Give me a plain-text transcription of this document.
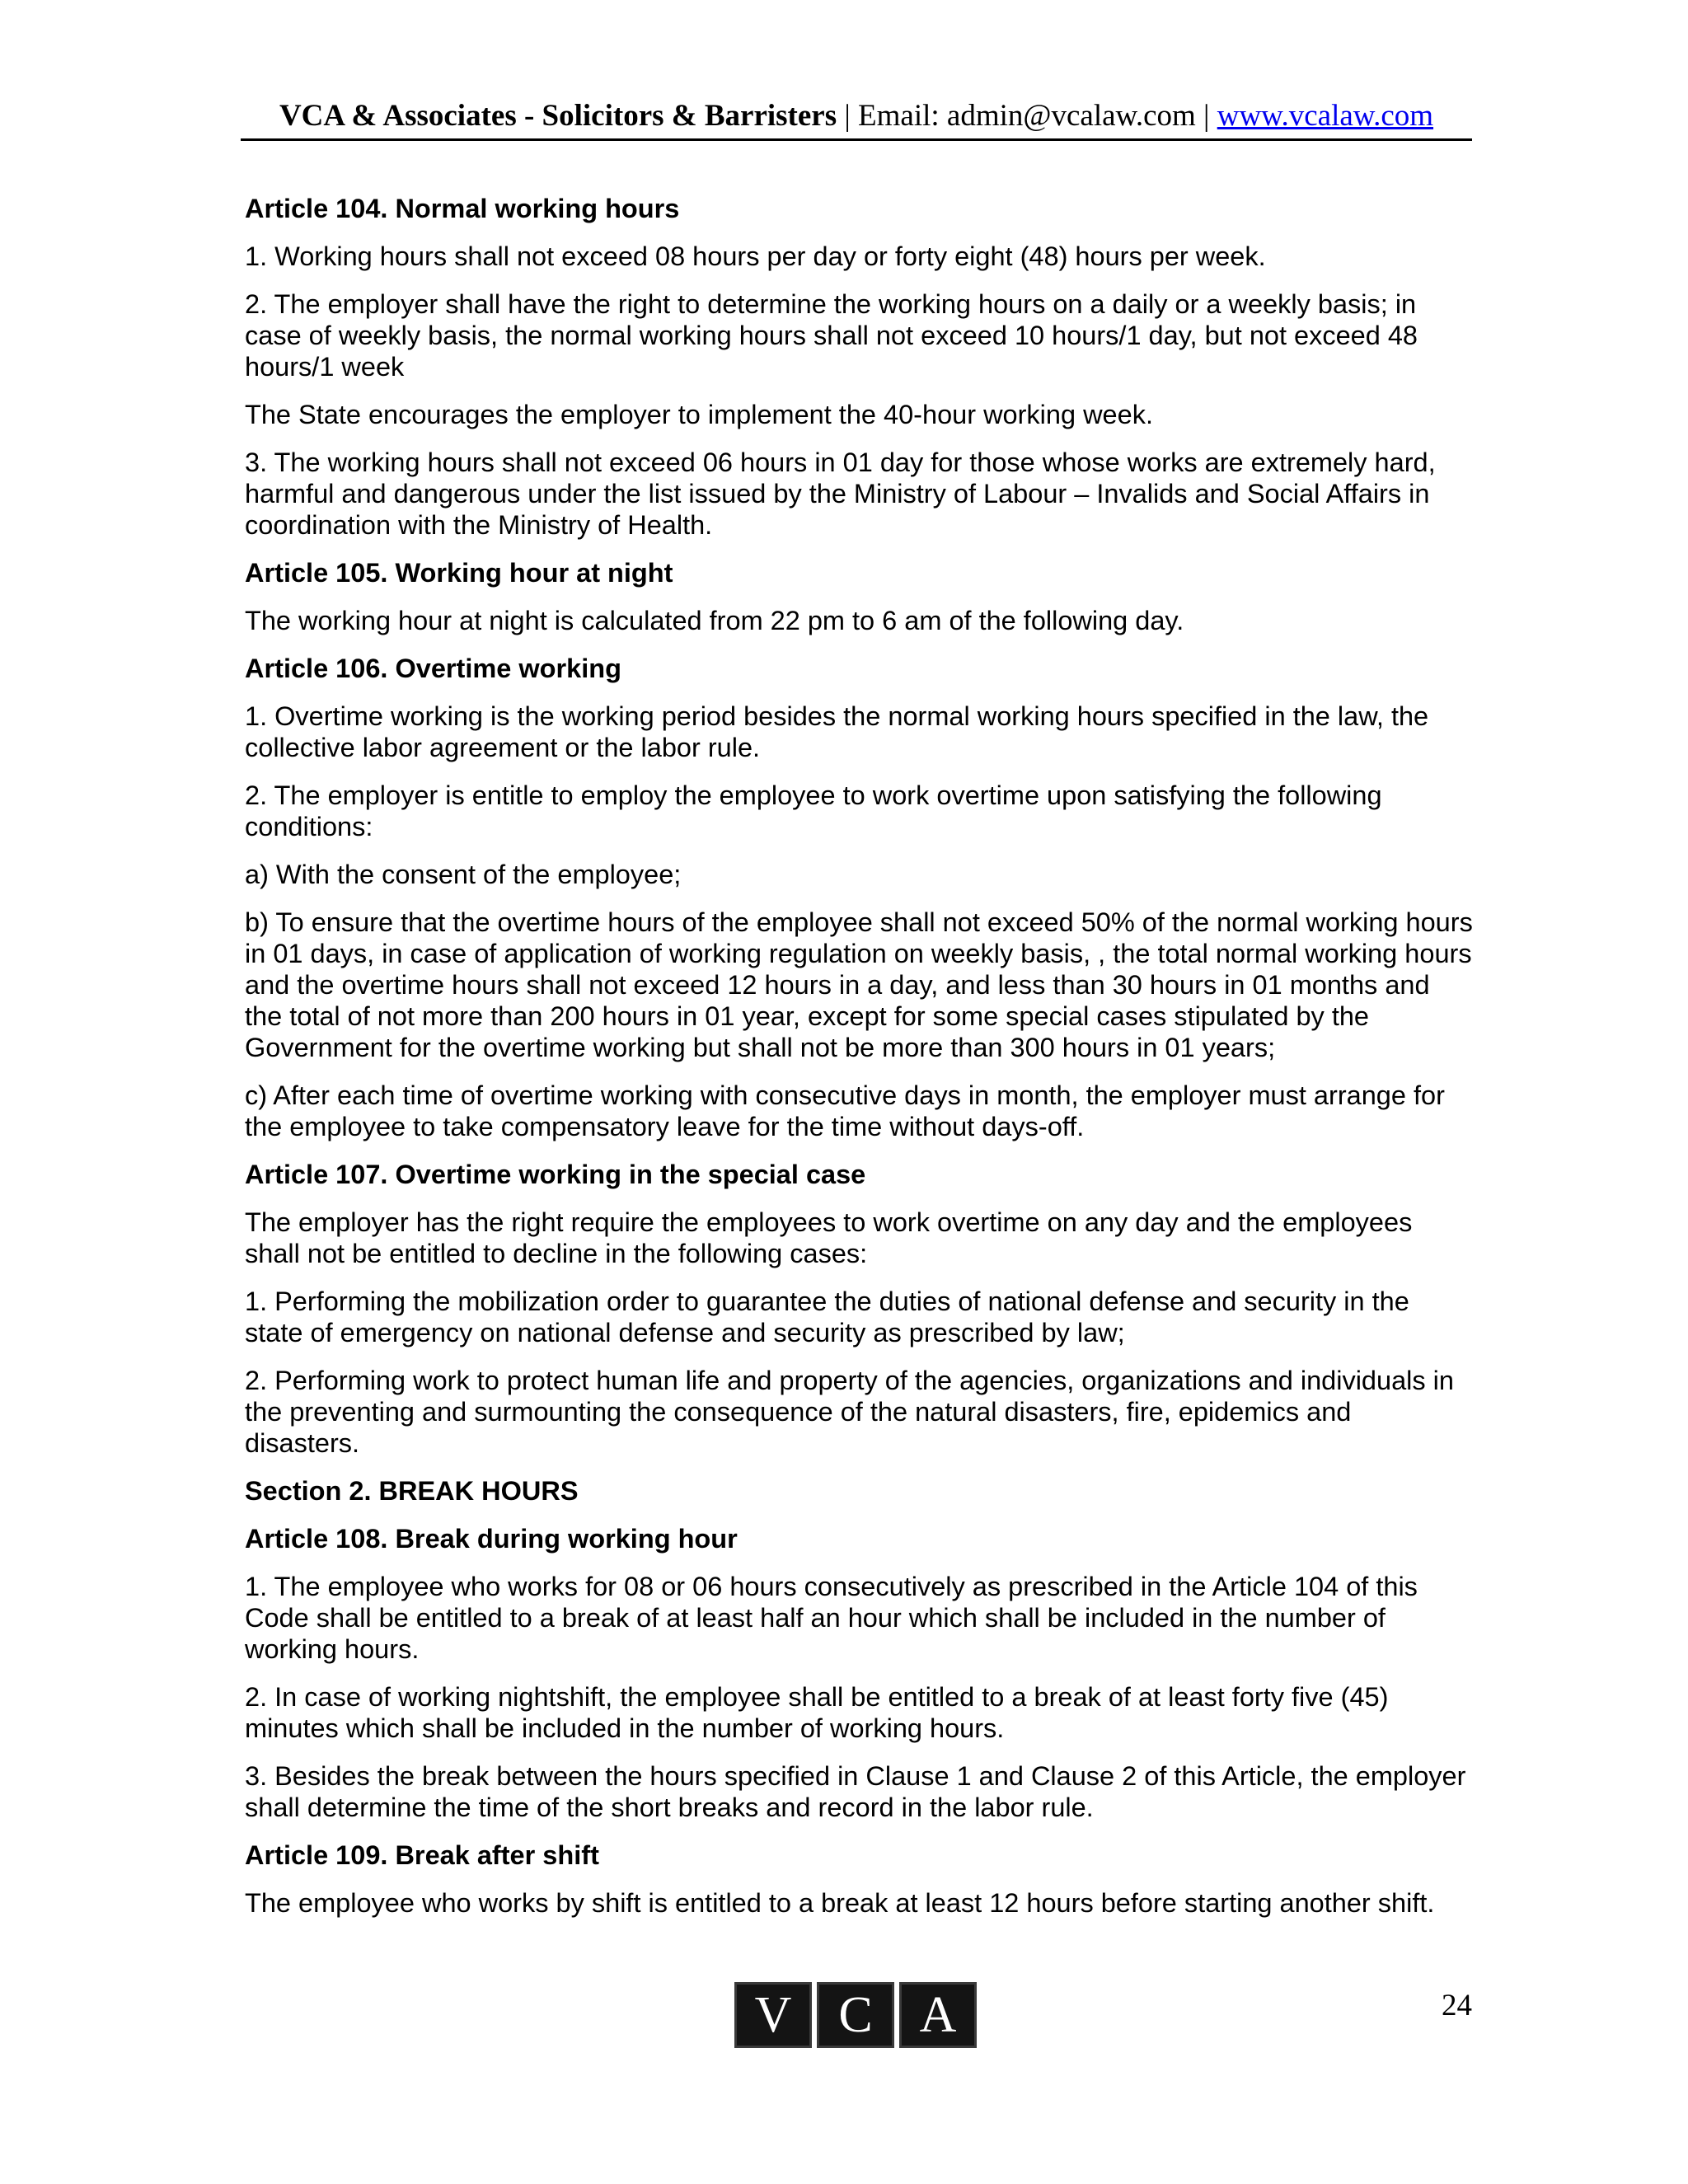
VCA & Associates - Solicitors & Barristers | Email: admin@vcalaw.com | www.vcalaw.com

Article 104. Normal working hours

1. Working hours shall not exceed 08 hours per day or forty eight (48) hours per week.

2. The employer shall have the right to determine the working hours on a daily or a weekly basis; in case of weekly basis, the normal working hours shall not exceed 10 hours/1 day, but not exceed 48 hours/1 week

The State encourages the employer to implement the 40-hour working week.

3. The working hours shall not exceed 06 hours in 01 day for those whose works are extremely hard, harmful and dangerous under the list issued by the Ministry of Labour – Invalids and Social Affairs in coordination with the Ministry of Health.

Article 105. Working hour at night

The working hour at night is calculated from 22 pm to 6 am of the following day.

Article 106. Overtime working

1. Overtime working is the working period besides the normal working hours specified in the law, the collective labor agreement or the labor rule.

2. The employer is entitle to employ the employee to work overtime upon satisfying the following conditions:

a) With the consent of the employee;

b) To ensure that the overtime hours of the employee shall not exceed 50% of the normal working hours in 01 days, in case of application of working regulation on weekly basis, , the total normal working hours and the overtime hours shall not exceed 12 hours in a day, and less than 30 hours in 01 months and the total of not more than 200 hours in 01 year, except for some special cases stipulated by the Government for the overtime working but shall not be more than 300 hours in 01 years;

c) After each time of overtime working with consecutive days in month, the employer must arrange for the employee to take compensatory leave for the time without days-off.

Article 107. Overtime working in the special case

The employer has the right require the employees to work overtime on any day and the employees shall not be entitled to decline in the following cases:

1. Performing the mobilization order to guarantee the duties of national defense and security in the state of emergency on national defense and security as prescribed by law;

2. Performing work to protect human life and property of the agencies, organizations and individuals in the preventing and surmounting the consequence of the natural disasters, fire, epidemics and disasters.

Section 2. BREAK HOURS

Article 108. Break during working hour

1. The employee who works for 08 or 06 hours consecutively as prescribed in the Article 104 of this Code shall be entitled to a break of at least half an hour which shall be included in the number of working hours.

2. In case of working nightshift, the employee shall be entitled to a break of at least forty five (45) minutes which shall be included in the number of working hours.

3. Besides the break between the hours specified in Clause 1 and Clause 2 of this Article, the employer shall determine the time of the short breaks and record in the labor rule.

Article 109. Break after shift

The employee who works by shift is entitled to a break at least 12 hours before starting another shift.

V C A	24
